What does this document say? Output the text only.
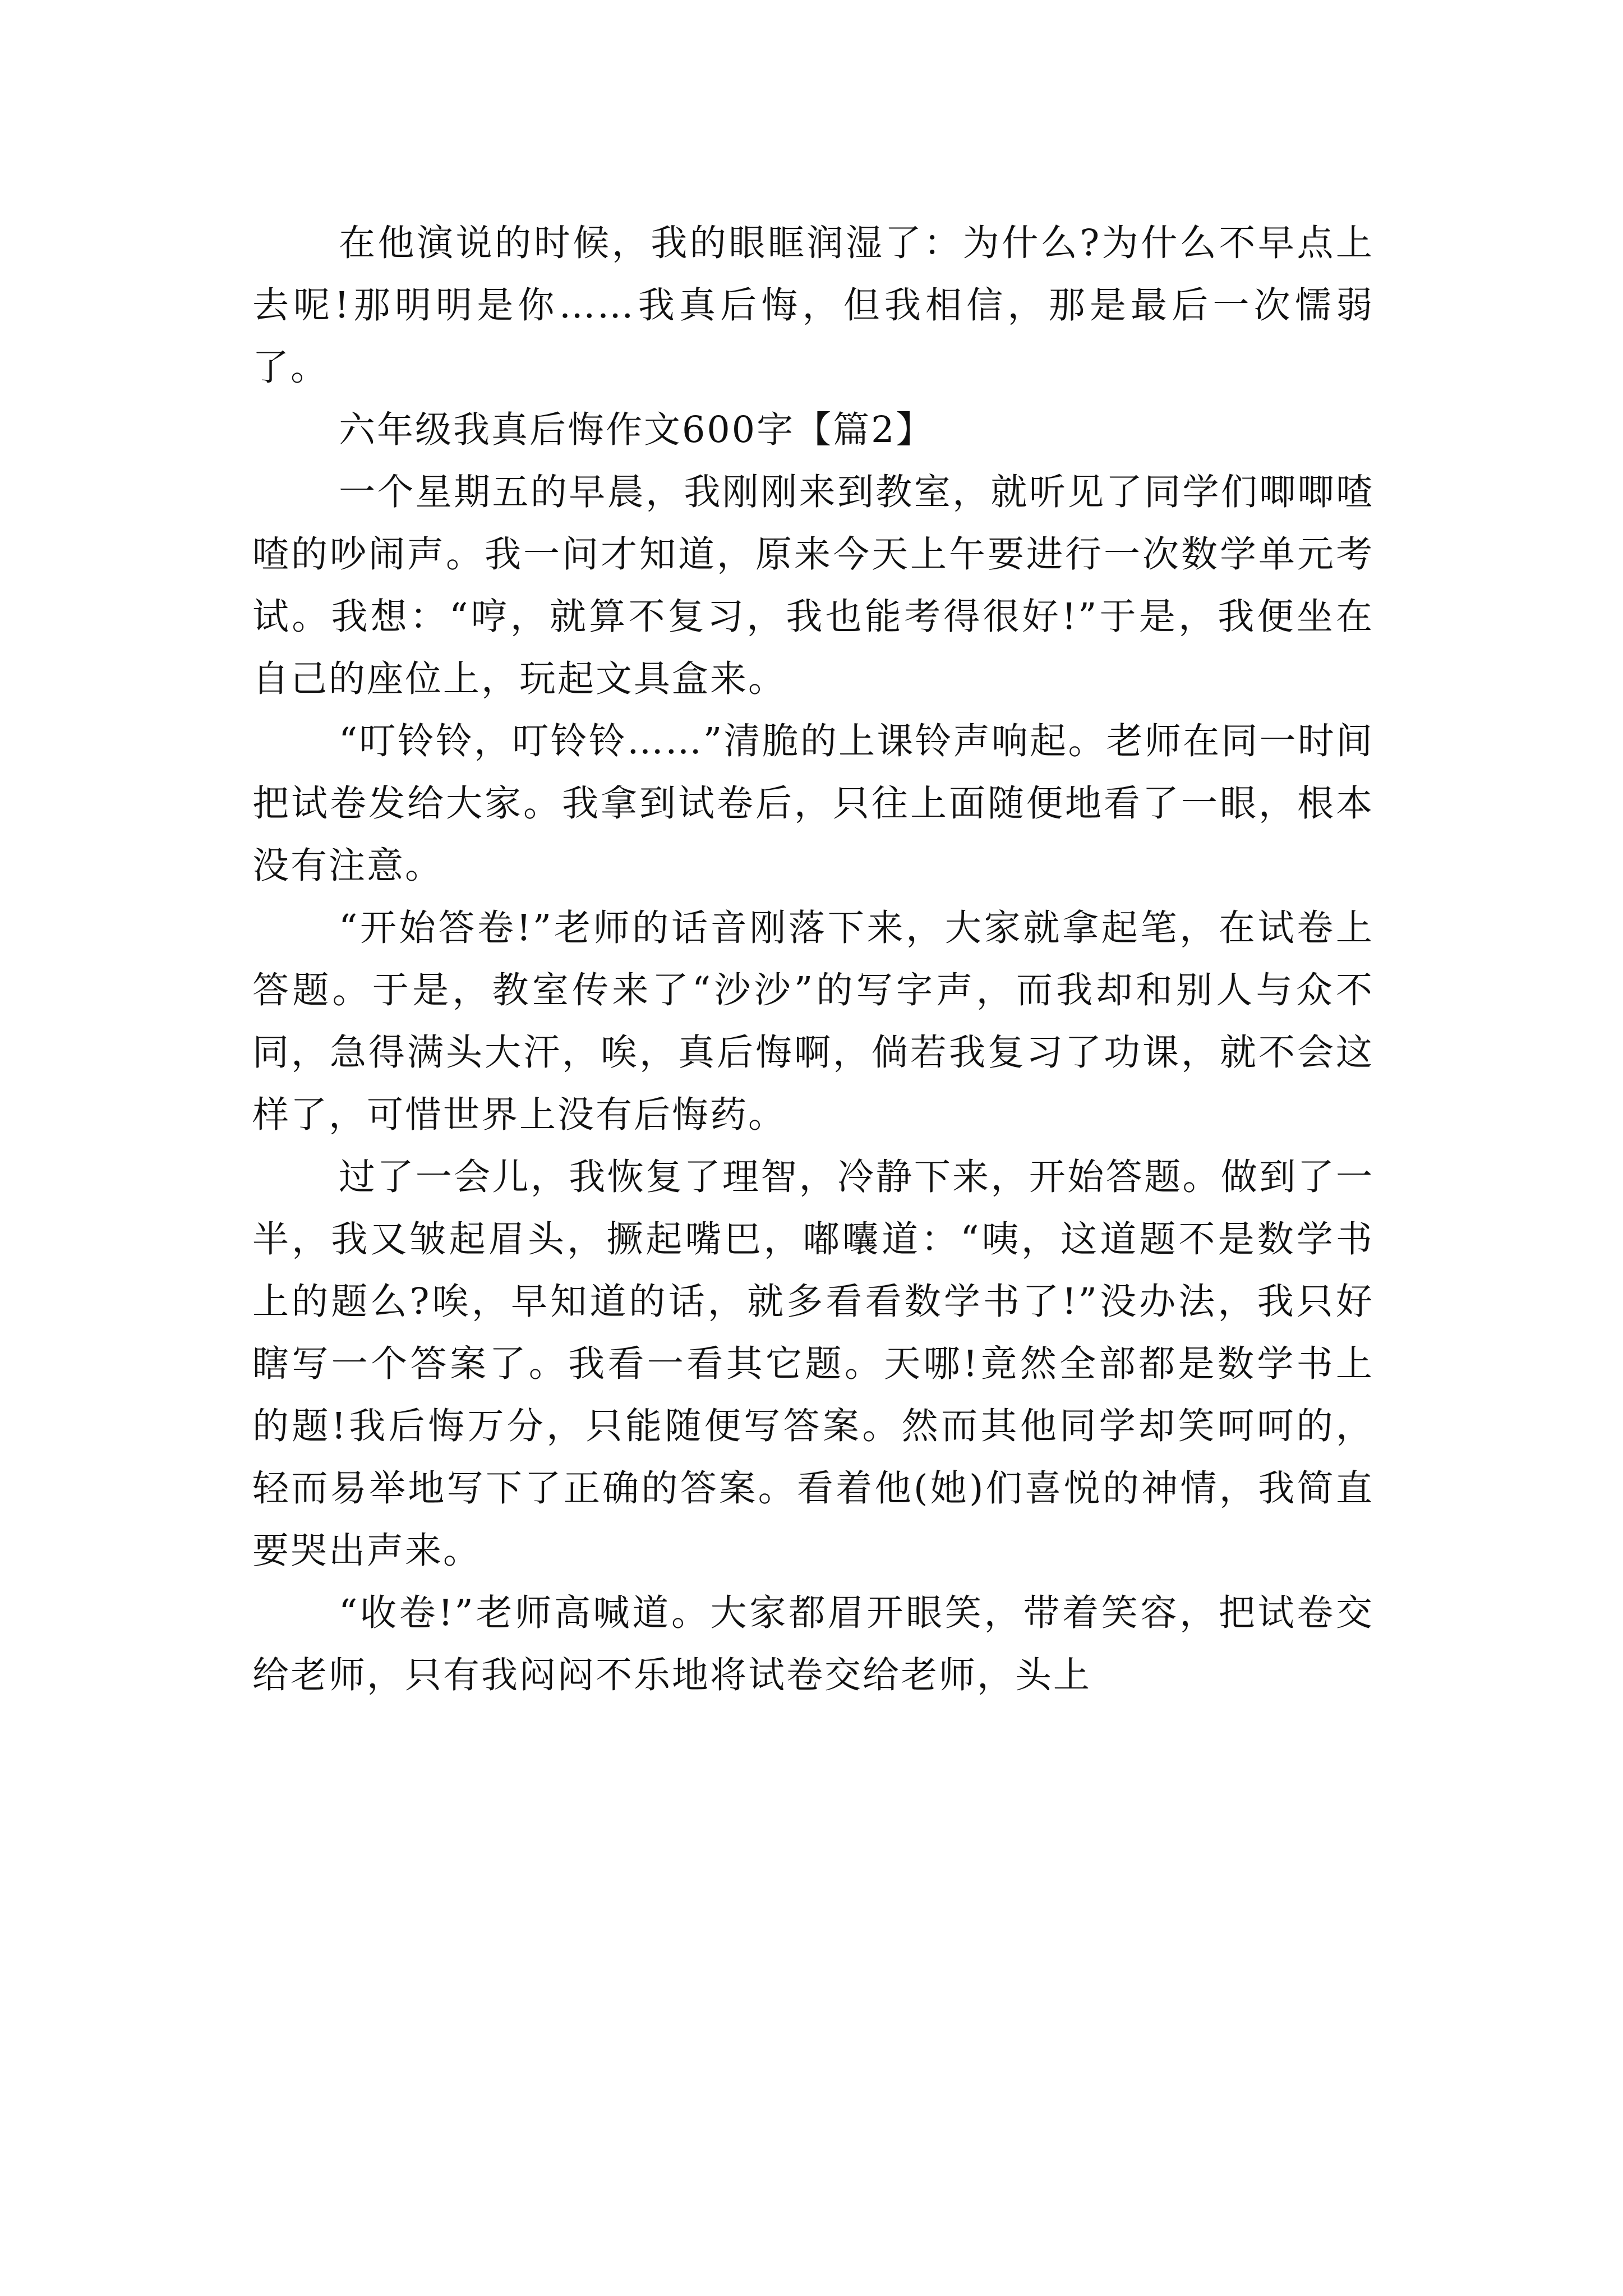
在他演说的时候，我的眼眶润湿了：为什么?为什么不早点上去呢!那明明是你……我真后悔，但我相信，那是最后一次懦弱了。

六年级我真后悔作文600字【篇2】

一个星期五的早晨，我刚刚来到教室，就听见了同学们唧唧喳喳的吵闹声。我一问才知道，原来今天上午要进行一次数学单元考试。我想：“哼，就算不复习，我也能考得很好!”于是，我便坐在自己的座位上，玩起文具盒来。

“叮铃铃，叮铃铃……”清脆的上课铃声响起。老师在同一时间把试卷发给大家。我拿到试卷后，只往上面随便地看了一眼，根本没有注意。

“开始答卷!”老师的话音刚落下来，大家就拿起笔，在试卷上答题。于是，教室传来了“沙沙”的写字声，而我却和别人与众不同，急得满头大汗，唉，真后悔啊，倘若我复习了功课，就不会这样了，可惜世界上没有后悔药。

过了一会儿，我恢复了理智，冷静下来，开始答题。做到了一半，我又皱起眉头，撅起嘴巴，嘟囔道：“咦，这道题不是数学书上的题么?唉，早知道的话，就多看看数学书了!”没办法，我只好瞎写一个答案了。我看一看其它题。天哪!竟然全部都是数学书上的题!我后悔万分，只能随便写答案。然而其他同学却笑呵呵的，轻而易举地写下了正确的答案。看着他(她)们喜悦的神情，我简直要哭出声来。

“收卷!”老师高喊道。大家都眉开眼笑，带着笑容，把试卷交给老师，只有我闷闷不乐地将试卷交给老师，头上
